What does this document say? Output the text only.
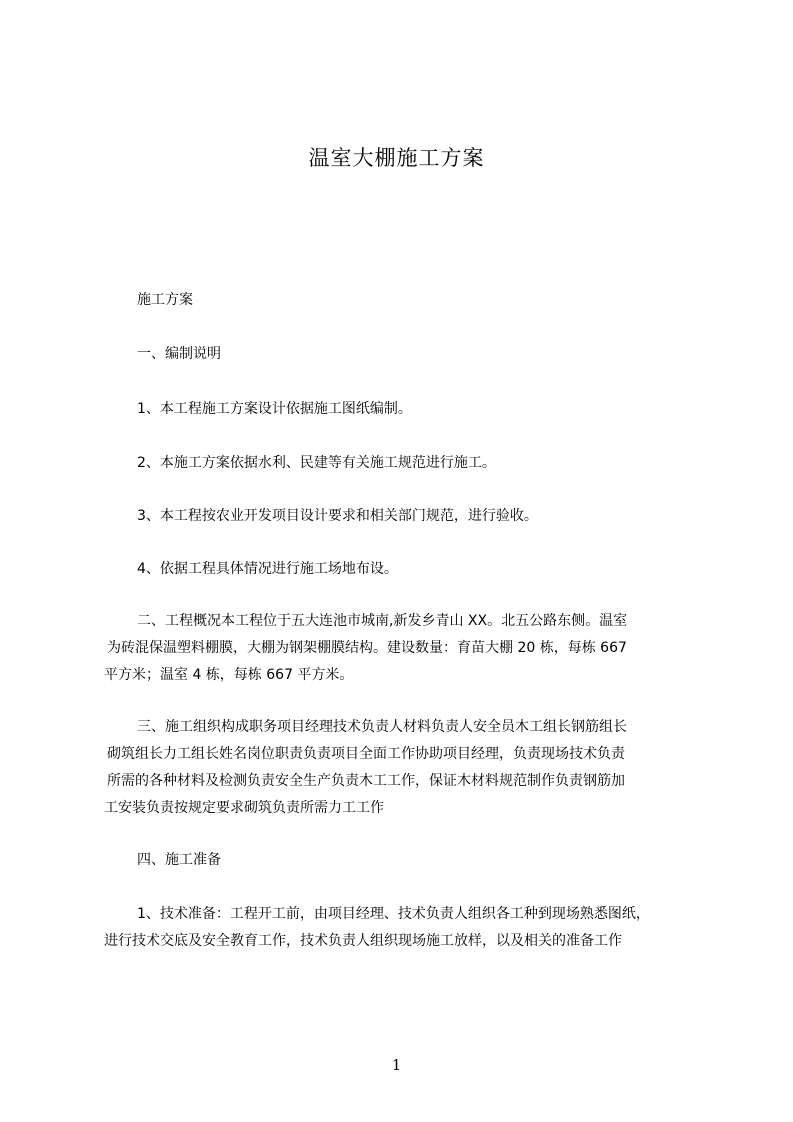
温室大棚施工方案
施工方案
一、编制说明
1、本工程施工方案设计依据施工图纸编制。
2、本施工方案依据水利、民建等有关施工规范进行施工。
3、本工程按农业开发项目设计要求和相关部门规范，进行验收。
4、依据工程具体情况进行施工场地布设。
二、工程概况本工程位于五大连池市城南,新发乡青山 XX。北五公路东侧。温室
为砖混保温塑料棚膜，大棚为钢架棚膜结构。建设数量：育苗大棚 20 栋，每栋 667
平方米；温室 4 栋，每栋 667 平方米。
三、施工组织构成职务项目经理技术负责人材料负责人安全员木工组长钢筋组长
砌筑组长力工组长姓名岗位职责负责项目全面工作协助项目经理，负责现场技术负责
所需的各种材料及检测负责安全生产负责木工工作，保证木材料规范制作负责钢筋加
工安装负责按规定要求砌筑负责所需力工工作
四、施工准备
1、技术准备：工程开工前，由项目经理、技术负责人组织各工种到现场熟悉图纸，
进行技术交底及安全教育工作，技术负责人组织现场施工放样，以及相关的准备工作
1
